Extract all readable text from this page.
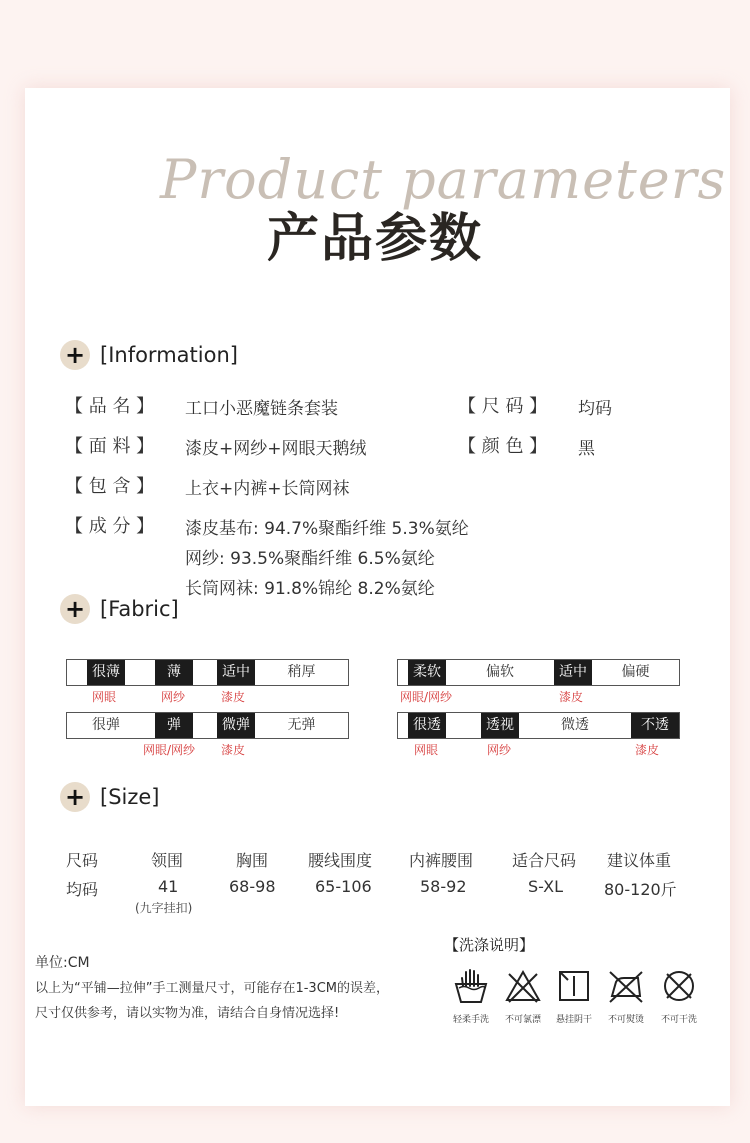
Product parameters
产品参数
+ [Information]
【 品 名 】 工口小恶魔链条套装	【 尺 码 】 均码
【 面 料 】 漆皮+网纱+网眼天鹅绒	【 颜 色 】 黑
【 包 含 】 上衣+内裤+长筒网袜
【 成 分 】 漆皮基布: 94.7%聚酯纤维 5.3%氨纶
网纱: 93.5%聚酯纤维 6.5%氨纶
长筒网袜: 91.8%锦纶 8.2%氨纶
+ [Fabric]
很薄	薄	适中	稍厚
网眼	网纱	漆皮
柔软	偏软	适中	偏硬
网眼/网纱	漆皮
很弹	弹	微弹	无弹
网眼/网纱 漆皮
很透	透视	微透	不透
网眼	网纱	漆皮
+ [Size]
尺码	领围	胸围 腰线围度 内裤腰围 适合尺码 建议体重
均码	41	68-98 65-106	58-92	S-XL	80-120斤
(九字挂扣)
单位:CM
以上为“平铺—拉伸”手工测量尺寸，可能存在1-3CM的误差，
尺寸仅供参考，请以实物为准，请结合自身情况选择!
【洗涤说明】
轻柔手洗	不可氯漂	悬挂阴干	不可熨烫	不可干洗
